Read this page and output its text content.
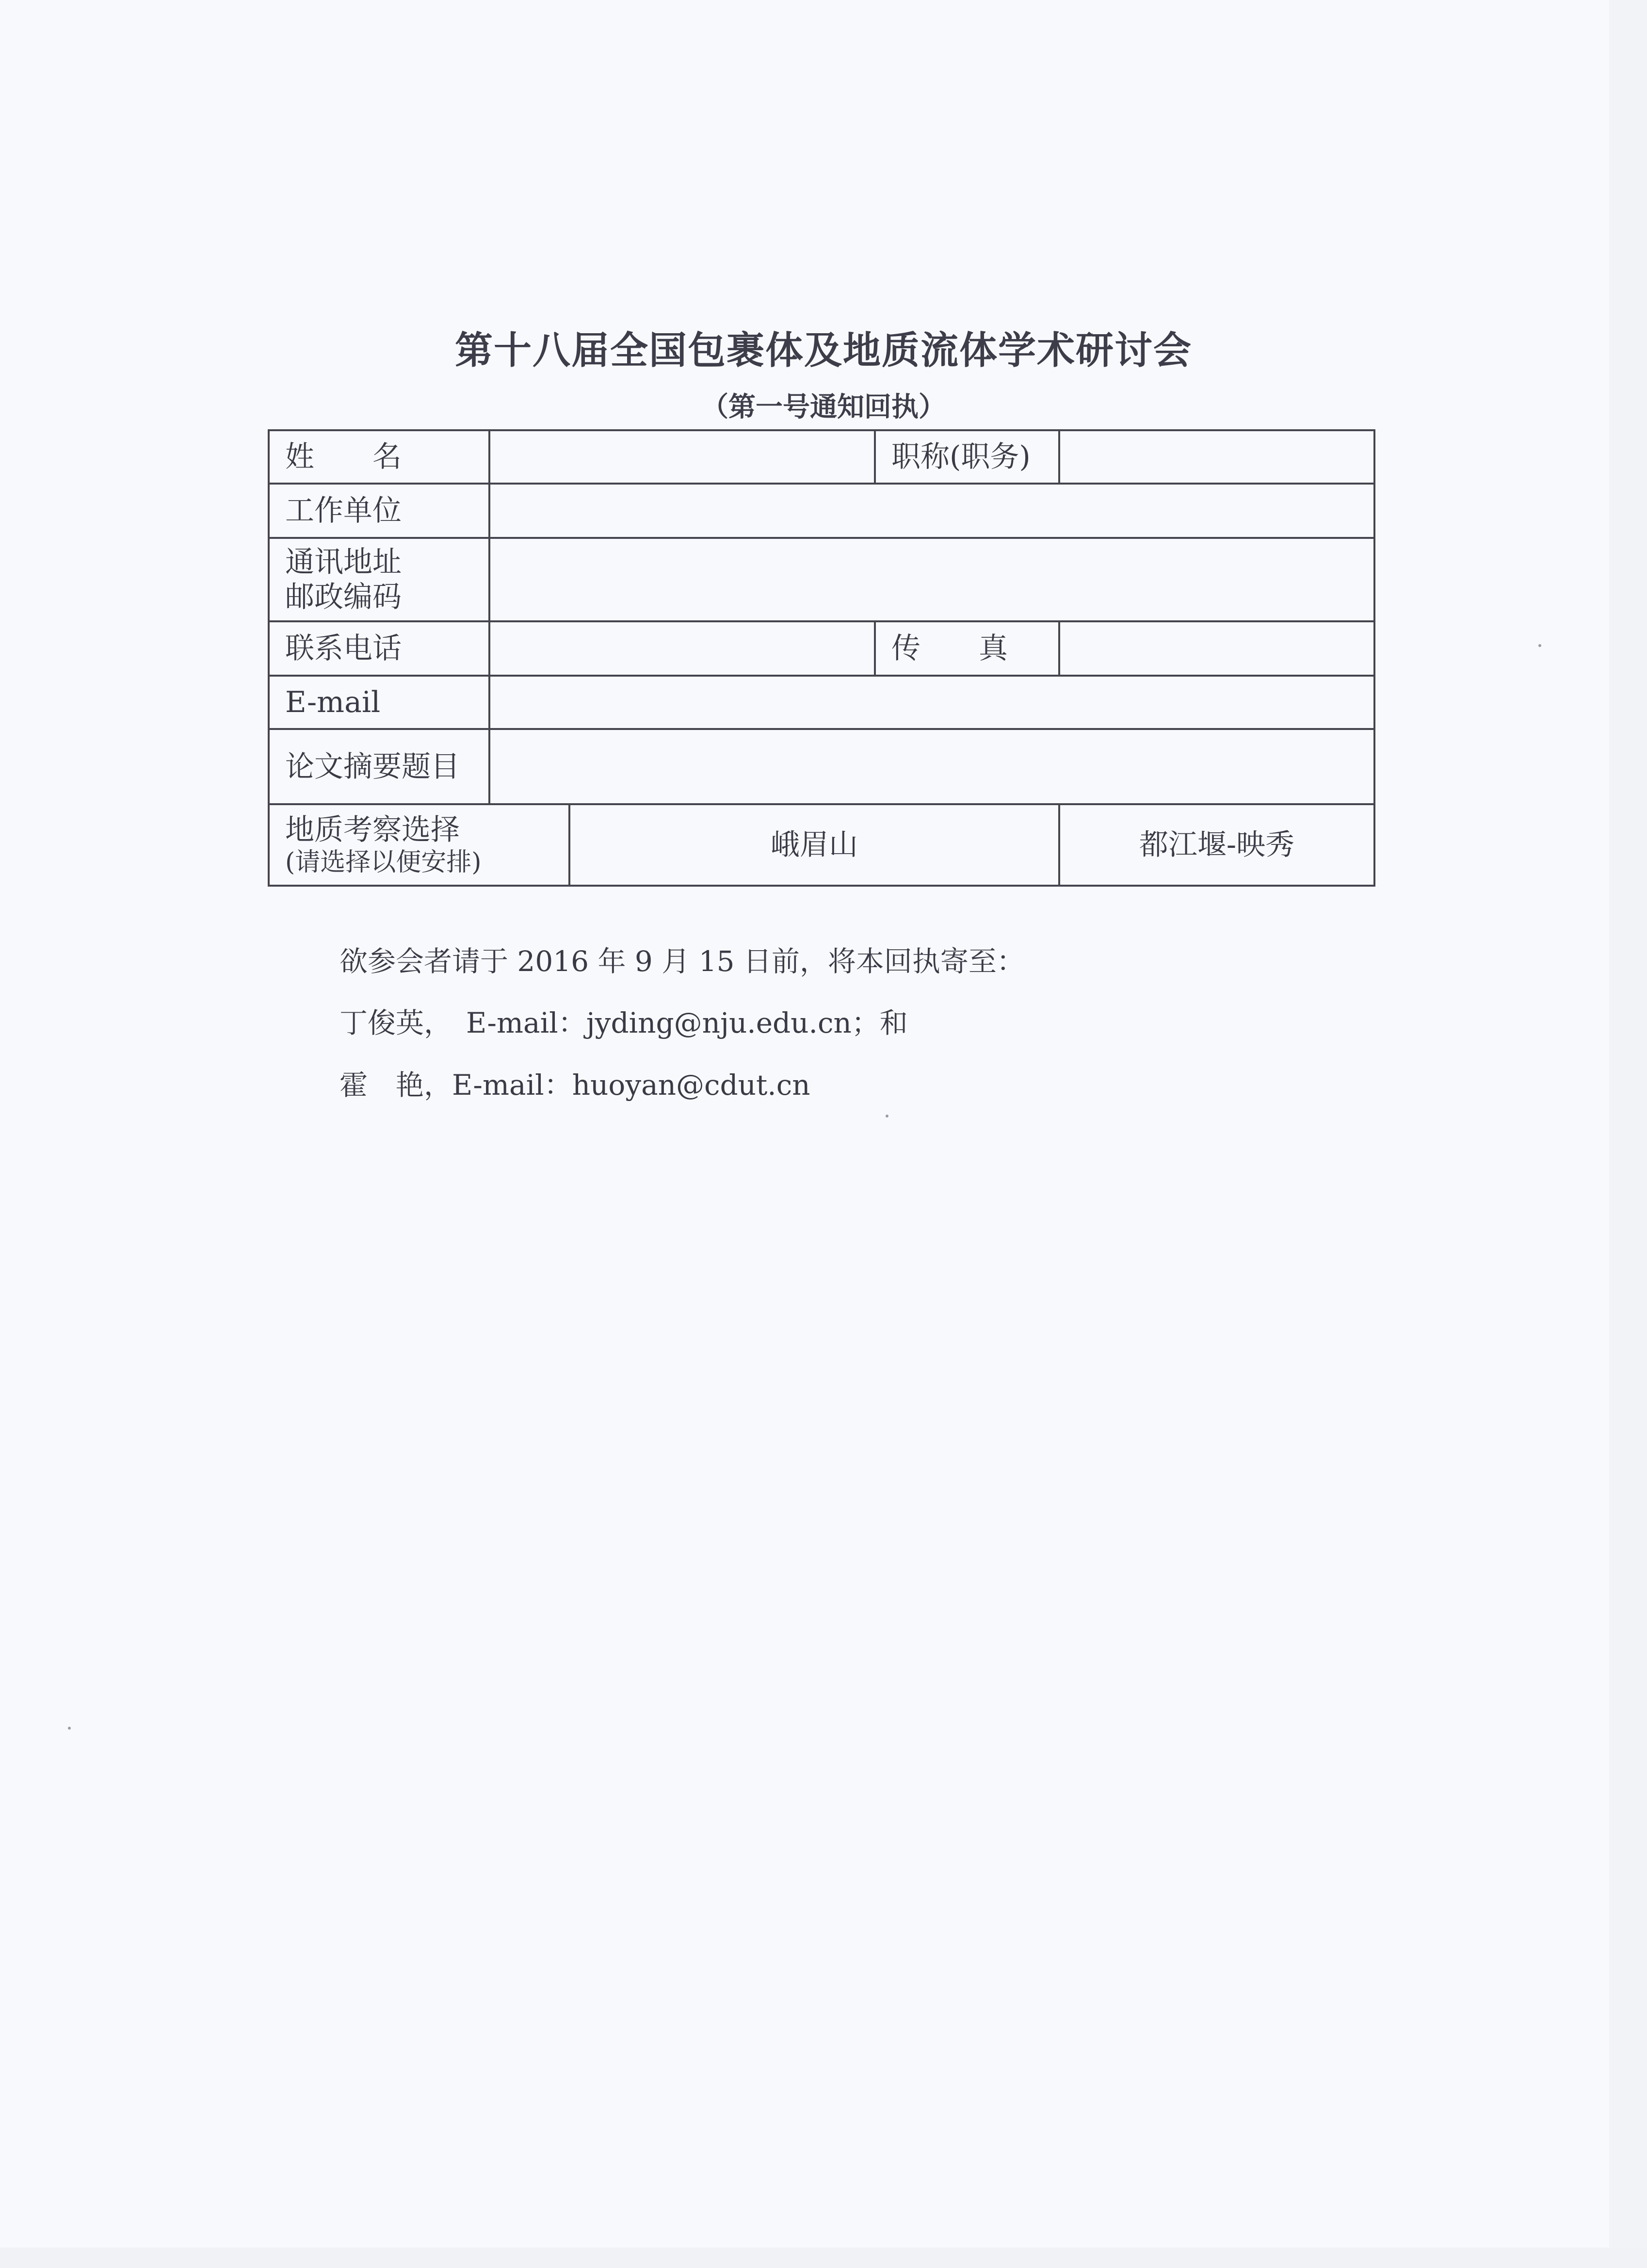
第十八届全国包裹体及地质流体学术研讨会
（第一号通知回执）
姓　　名			职称(职务)	
工作单位				

通讯地址
邮政编码				

联系电话			传　　真	
E-mail				
论文摘要题目				

地质考察选择
(请选择以便安排)		峨眉山		都江堰-映秀
欲参会者请于 2016 年 9 月 15 日前，将本回执寄至：
丁俊英，　E-mail：jyding@nju.edu.cn；和
霍　艳，E-mail：huoyan@cdut.cn
